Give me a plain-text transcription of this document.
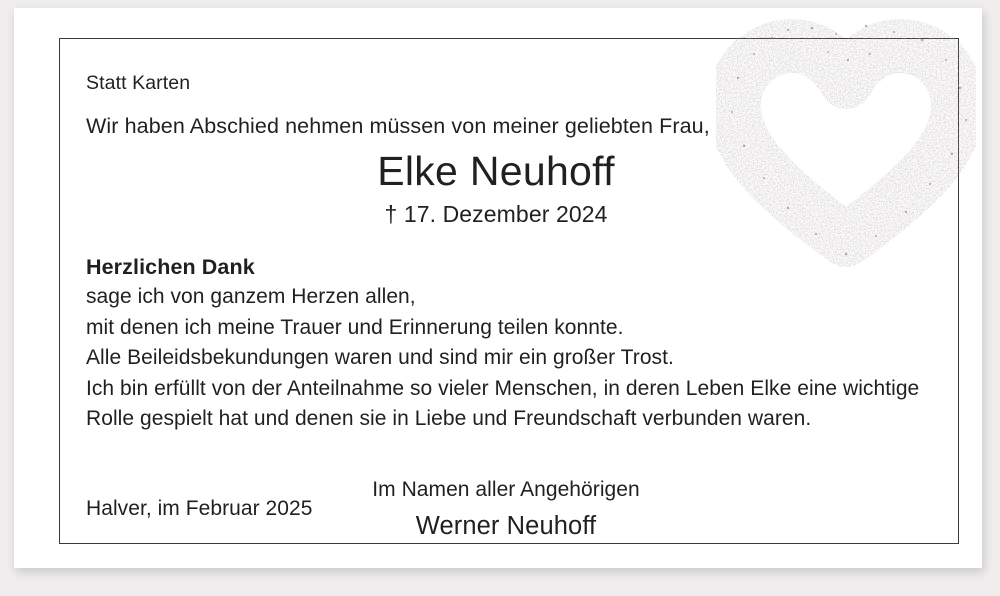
Statt Karten
Wir haben Abschied nehmen müssen von meiner geliebten Frau,
Elke Neuhoff
† 17. Dezember 2024
Herzlichen Dank
sage ich von ganzem Herzen allen,
mit denen ich meine Trauer und Erinnerung teilen konnte.
Alle Beileidsbekundungen waren und sind mir ein großer Trost.
Ich bin erfüllt von der Anteilnahme so vieler Menschen, in deren Leben Elke eine wichtige
Rolle gespielt hat und denen sie in Liebe und Freundschaft verbunden waren.
Im Namen aller Angehörigen
Werner Neuhoff
Halver, im Februar 2025
